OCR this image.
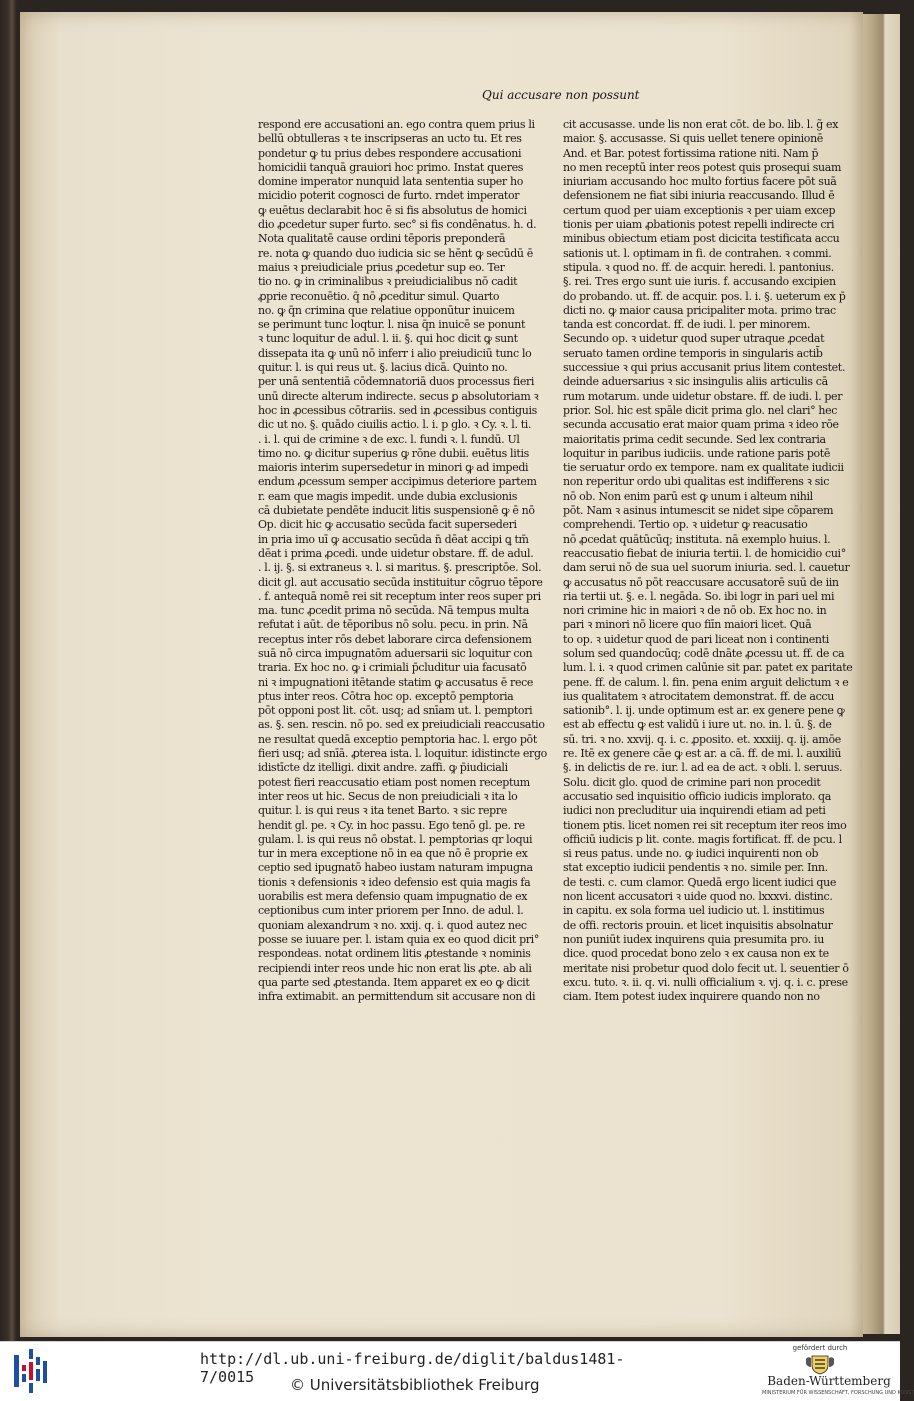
Qui accusare non possunt
respond ere accusationi an. ego contra quem prius li
bellū obtulleras ꝛ te inscripseras an ucto tu. Et res
pondetur ꝙ tu prius debes respondere accusationi
homicidii tanquā grauiori hoc primo. Instat queres
domine imperator nunquid lata sententia super ho
micidio poterit cognosci de furto. rndet imperator
ꝙ euētus declarabit hoc ē si fis absolutus de homici
dio ꝓcedetur super furto. sec° si fis condēnatus. h. d.
Nota qualitatē cause ordini tēporis preponderā
re. nota ꝙ quando duo iudicia sic se hēnt ꝙ secūdū ē
maius ꝛ preiudiciale prius ꝓcedetur sup eo. Ter
tio no. ꝙ in criminalibus ꝛ preiudicialibus nō cadit
ꝓprie reconuētio. q̄ nō ꝓceditur simul. Quarto
no. ꝙ q̄n crimina que relatiue opponūtur inuicem
se perimunt tunc loqtur. l. nisa q̄n inuicē se ponunt
ꝛ tunc loquitur de adul. l. ii. §. qui hoc dicit ꝙ sunt
dissepata ita ꝙ unū nō inferr i alio preiudiciū tunc lo
quitur. l. is qui reus ut. §. lacius dicā. Quinto no.
per unā sententiā cōdemnatoriā duos processus fieri
unū directe alterum indirecte. secus ꝑ absolutoriam ꝛ
hoc in ꝓcessibus cōtrariis. sed in ꝓcessibus contiguis
dic ut no. §. quādo ciuilis actio. l. i. p glo. ꝛ Cy. ꝛ. l. ti.
. i. l. qui de crimine ꝛ de exc. l. fundi ꝛ. l. fundū. Ul
timo no. ꝙ dicitur superius ꝙ rōne dubii. euētus litis
maioris interim supersedetur in minori ꝙ ad impedi
endum ꝓcessum semper accipimus deteriore partem
r. eam que magis impedit. unde dubia exclusionis
cā dubietate pendēte inducit litis suspensionē ꝙ ē nō
Op. dicit hic ꝙ accusatio secūda facit supersederi
in pria imo uī ꝙ accusatio secūda n̄ dēat accipi ꝗ tm̄
dēat i prima ꝓcedi. unde uidetur obstare. ff. de adul.
. l. ij. §. si extraneus ꝛ. l. si maritus. §. prescriptōe. Sol.
dicit gl. aut accusatio secūda instituitur cōgruo tēpore
. f. antequā nomē rei sit receptum inter reos super pri
ma. tunc ꝓcedit prima nō secūda. Nā tempus multa
refutat i aūt. de tēporibus nō solu. pecu. in prin. Nā
receptus inter rōs debet laborare circa defensionem
suā nō circa impugnatōm aduersarii sic loquitur con
traria. Ex hoc no. ꝙ i crimiali p̄cluditur uia facusatō
ni ꝛ impugnationi itētande statim ꝙ accusatus ē rece
ptus inter reos. Cōtra hoc op. exceptō pemptoria
pōt opponi post lit. cōt. usq; ad snīam ut. l. pemptori
as. §. sen. rescin. nō po. sed ex preiudiciali reaccusatio
ne resultat quedā exceptio pemptoria hac. l. ergo pōt
fieri usq; ad snīā. ꝓterea ista. l. loquitur. idistincte ergo
idistīcte dz itelligi. dixit andre. zaffi. ꝙ p̄iudiciali
potest fieri reaccusatio etiam post nomen receptum
inter reos ut hic. Secus de non preiudiciali ꝛ ita lo
quitur. l. is qui reus ꝛ ita tenet Barto. ꝛ sic repre
hendit gl. pe. ꝛ Cy. in hoc passu. Ego tenō gl. pe. re
gulam. l. is qui reus nō obstat. l. pemptorias qr loqui
tur in mera exceptione nō in ea que nō ē proprie ex
ceptio sed ipugnatō habeo iustam naturam impugna
tionis ꝛ defensionis ꝛ ideo defensio est quia magis fa
uorabilis est mera defensio quam impugnatio de ex
ceptionibus cum inter priorem per Inno. de adul. l.
quoniam alexandrum ꝛ no. xxij. q. i. quod autez nec
posse se iuuare per. l. istam quia ex eo quod dicit pri°
respondeas. notat ordinem litis ꝓtestande ꝛ nominis
recipiendi inter reos unde hic non erat lis ꝓte. ab ali
qua parte sed ꝓtestanda. Item apparet ex eo ꝙ dicit
infra extimabit. an permittendum sit accusare non di
cit accusasse. unde lis non erat cōt. de bo. lib. l. g̃ ex
maior. §. accusasse. Si quis uellet tenere opinionē
And. et Bar. potest fortissima ratione niti. Nam p̄
no men receptū inter reos potest quis prosequi suam
iniuriam accusando hoc multo fortius facere pōt suā
defensionem ne fiat sibi iniuria reaccusando. Illud ē
certum quod per uiam exceptionis ꝛ per uiam excep
tionis per uiam ꝓbationis potest repelli indirecte cri
minibus obiectum etiam post dicicita testificata accu
sationis ut. l. optimam in fi. de contrahen. ꝛ commi.
stipula. ꝛ quod no. ff. de acquir. heredi. l. pantonius.
§. rei. Tres ergo sunt uie iuris. f. accusando excipien
do probando. ut. ff. de acquir. pos. l. i. §. ueterum ex p̄
dicti no. ꝙ maior causa pricipaliter mota. primo trac
tanda est concordat. ff. de iudi. l. per minorem.
Secundo op. ꝛ uidetur quod super utraque ꝓcedat
seruato tamen ordine temporis in singularis actib̄
successiue ꝛ qui prius accusanit prius litem contestet.
deinde aduersarius ꝛ sic insingulis aliis articulis cā
rum motarum. unde uidetur obstare. ff. de iudi. l. per
prior. Sol. hic est spāle dicit prima glo. nel clari° hec
secunda accusatio erat maior quam prima ꝛ ideo rōe
maioritatis prima cedit secunde. Sed lex contraria
loquitur in paribus iudiciis. unde ratione paris potē
tie seruatur ordo ex tempore. nam ex qualitate iudicii
non reperitur ordo ubi qualitas est indifferens ꝛ sic
nō ob. Non enim parū est ꝙ unum i alteum nihil
pōt. Nam ꝛ asinus intumescit se nidet sipe cōparem
comprehendi. Tertio op. ꝛ uidetur ꝙ reacusatio
nō ꝓcedat quātūcūq; instituta. nā exemplo huius. l.
reaccusatio fiebat de iniuria tertii. l. de homicidio cui°
dam serui nō de sua uel suorum iniuria. sed. l. cauetur
ꝙ accusatus nō pōt reaccusare accusatorē suū de iin
ria tertii ut. §. e. l. negāda. So. ibi logr in pari uel mi
nori crimine hic in maiori ꝛ de nō ob. Ex hoc no. in
pari ꝛ minori nō licere quo fiīn maiori licet. Quā
to op. ꝛ uidetur quod de pari liceat non i continenti
solum sed quandocūq; codē dnāte ꝓcessu ut. ff. de ca
lum. l. i. ꝛ quod crimen calūnie sit par. patet ex paritate
pene. ff. de calum. l. fin. pena enim arguit delictum ꝛ e
ius qualitatem ꝛ atrocitatem demonstrat. ff. de accu
sationib°. l. ij. unde optimum est ar. ex genere pene ꝙ
est ab effectu ꝙ est validū i iure ut. no. in. l. ū. §. de
sū. tri. ꝛ no. xxvij. q. i. c. ꝓposito. et. xxxiij. q. ij. amōe
re. Itē ex genere cāe ꝙ est ar. a cā. ff. de mi. l. auxiliū
§. in delictis de re. iur. l. ad ea de act. ꝛ obli. l. seruus.
Solu. dicit glo. quod de crimine pari non procedit
accusatio sed inquisitio officio iudicis implorato. qa
iudici non precluditur uia inquirendi etiam ad peti
tionem ptis. licet nomen rei sit receptum iter reos imo
officiū iudicis p lit. conte. magis fortificat. ff. de pcu. l
si reus patus. unde no. ꝙ iudici inquirenti non ob
stat exceptio iudicii pendentis ꝛ no. simile per. Inn.
de testi. c. cum clamor. Quedā ergo licent iudici que
non licent accusatori ꝛ uide quod no. lxxxvi. distinc.
in capitu. ex sola forma uel iudicio ut. l. institimus
de offi. rectoris prouin. et licet inquisitis absolnatur
non puniūt iudex inquirens quia presumita pro. iu
dice. quod procedat bono zelo ꝛ ex causa non ex te
meritate nisi probetur quod dolo fecit ut. l. seuentier ō
excu. tuto. ꝛ. ii. q. vi. nulli officialium ꝛ. vj. q. i. c. prese
ciam. Item potest iudex inquirere quando non no
http://dl.ub.uni-freiburg.de/diglit/baldus1481-7/0015	© Universitätsbibliothek Freiburg
gefördert durch
Baden-Württemberg
MINISTERIUM FÜR WISSENSCHAFT, FORSCHUNG UND KUNST
